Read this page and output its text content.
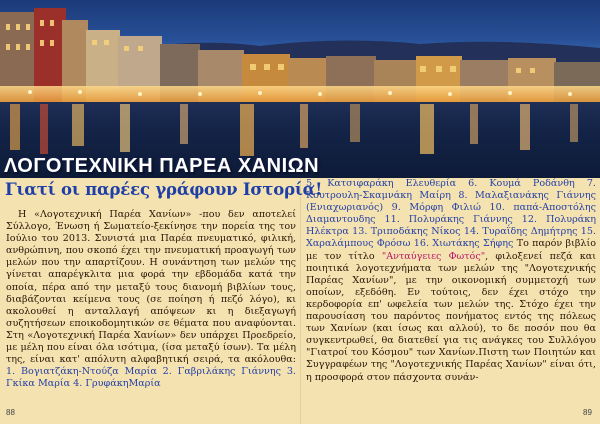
ΛΟΓΟΤΕΧΝΙΚΗ ΠΑΡΕΑ ΧΑΝΙΩΝ
Γιατί οι παρέες γράφουν Ιστορία!

Η «Λογοτεχνική Παρέα Χανίων» -που δεν αποτελεί Σύλλογο, Ένωση ή Σωματείο-ξεκίνησε την πορεία της τον Ιούλιο του 2013. Συνιστά μια Παρέα πνευματικό, φιλική, ανθρώπινη, που σκοπό έχει την πνευματική προαγωγή των μελών που την απαρτίζουν. Η συνάντηση των μελών της γίνεται απαρέγκλιτα μια φορά την εβδομάδα κατά την οποία, πέρα από την μεταξύ τους διανομή βιβλίων τους, διαβάζονται κείμενα τους (σε ποίηση ή πεζό λόγο), κι ακολουθεί η ανταλλαγή απόψεων κι η διεξαγωγή συζητήσεων εποικοδομητικών σε θέματα που αναφύονται. Στη «Λογοτεχνική Παρέα Χανίων» δεν υπάρχει Προεδρείο, με μέλη που είναι όλα ισότιμα, (ίσα μεταξύ ίσων). Τα μέλη της, είναι κατ' απόλυτη αλφαβητική σειρά, τα ακόλουθα: 1. Βογιατζάκη-Ντούζα Μαρία 2. Γαβριλάκης Γιάννης 3. Γκίκα Μαρία 4. ΓρυφάκηΜαρία

5. Κατσιφαράκη Ελευθερία 6. Κουμά Ροδάνθη 7. Κουτρουλη-Σκαμνάκη Μαίρη 8. Μαλαξιανάκης Γιάννης (Ενιαχωριανός) 9. Μόρφη Φιλιώ 10. παπά-Αποστόλης Διαμαντουδης 11. Πολυράκης Γιάννης 12. Πολυράκη Ηλέκτρα 13. Τριποδάκης Νίκος 14. Τυραΐδης Δημήτρης 15. Χαραλάμπους Φρόσω 16. Χιωτάκης Σήφης Το παρόν βιβλίο με τον τίτλο "Ανταύγειες Φωτός", φιλοξενεί πεζά και ποιητικά λογοτεχνήματα των μελών της "Λογοτεχνικής Παρέας Χανίων", με την οικονομική συμμετοχή των οποίων, εξεδόθη. Εν τούτοις, δεν έχει στόχο την κερδοφορία επ' ωφελεία των μελών της. Στόχο έχει την παρουσίαση του παρόντος πονήματος εντός της πόλεως των Χανίων (και ίσως και αλλού), το δε ποσόν που θα συγκεντρωθεί, θα διατεθεί για τις ανάγκες του Συλλόγου "Γιατροί του Κόσμου" των Χανίων.Πιστη των Ποιητών και Συγγραφέων της "Λογοτεχνικής Παρέας Χανίων" είναι ότι, η προσφορά στον πάσχοντα συνάν-

88	89
